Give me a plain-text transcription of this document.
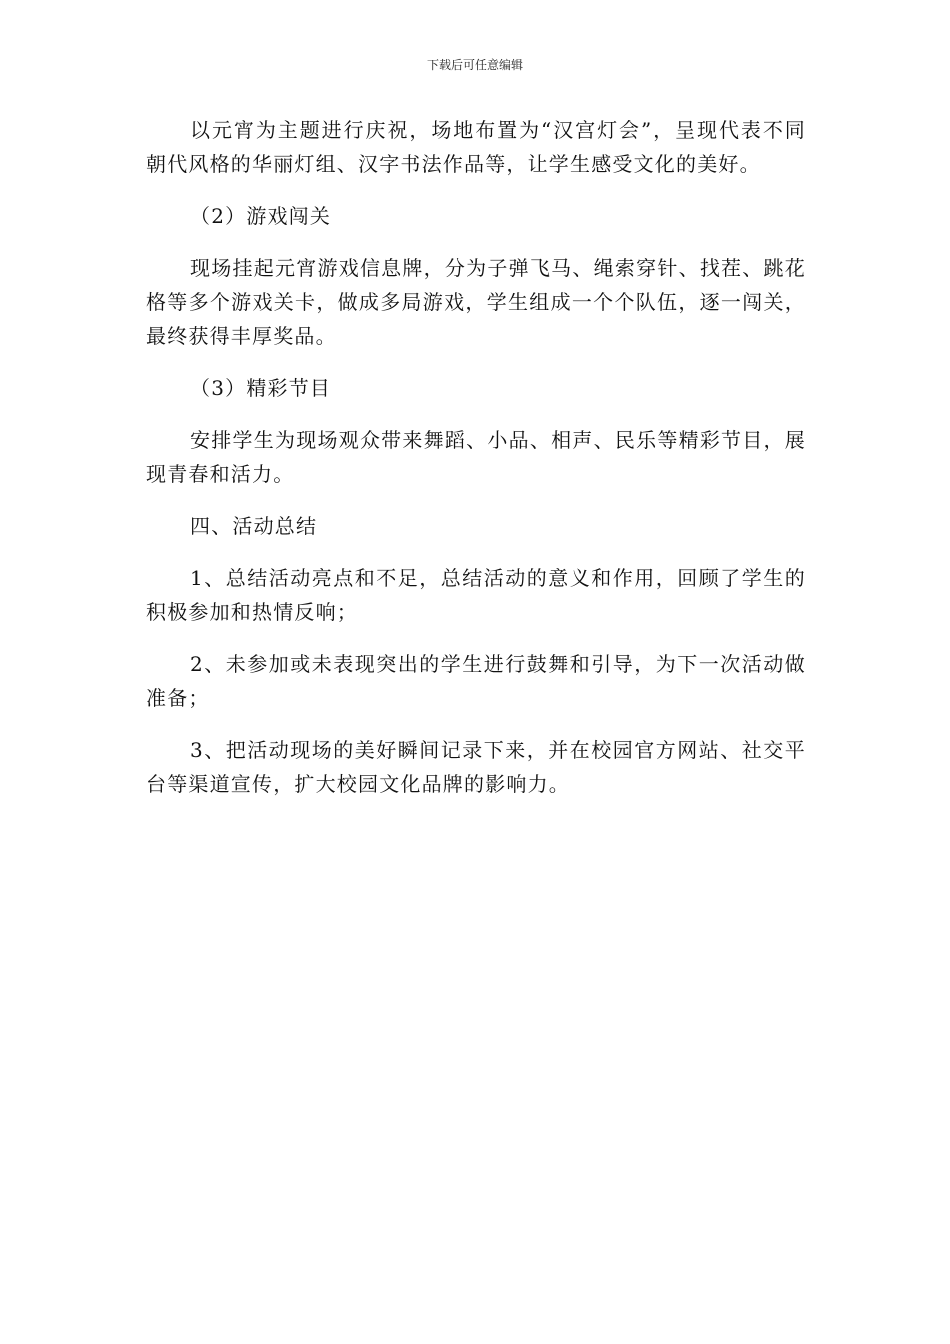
下载后可任意编辑

以元宵为主题进行庆祝，场地布置为“汉宫灯会”，呈现代表不同朝代风格的华丽灯组、汉字书法作品等，让学生感受文化的美好。

（2）游戏闯关

现场挂起元宵游戏信息牌，分为子弹飞马、绳索穿针、找茬、跳花格等多个游戏关卡，做成多局游戏，学生组成一个个队伍，逐一闯关，最终获得丰厚奖品。

（3）精彩节目

安排学生为现场观众带来舞蹈、小品、相声、民乐等精彩节目，展现青春和活力。

四、活动总结

1、总结活动亮点和不足，总结活动的意义和作用，回顾了学生的积极参加和热情反响；

2、未参加或未表现突出的学生进行鼓舞和引导，为下一次活动做准备；

3、把活动现场的美好瞬间记录下来，并在校园官方网站、社交平台等渠道宣传，扩大校园文化品牌的影响力。
